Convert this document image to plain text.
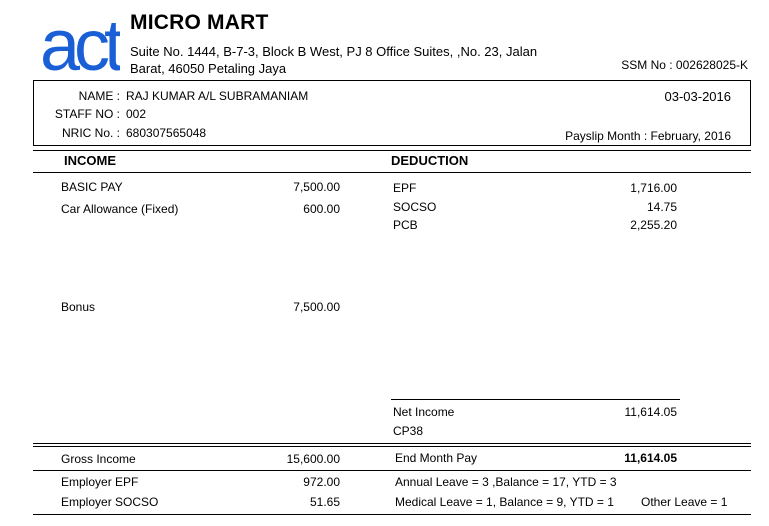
act MICRO MART
Suite No. 1444, B-7-3, Block B West, PJ 8 Office Suites, ,No. 23, Jalan
Barat, 46050 Petaling Jaya	SSM No : 002628025-K
NAME : RAJ KUMAR A/L SUBRAMANIAM
STAFF NO : 002
NRIC No. : 680307565048
03-03-2016
Payslip Month : February, 2016
INCOME	DEDUCTION
BASIC PAY	7,500.00
Car Allowance (Fixed)	600.00
Bonus	7,500.00
EPF	1,716.00
SOCSO	14.75
PCB	2,255.20
Net Income	11,614.05
CP38
Gross Income	15,600.00	End Month Pay	11,614.05
Employer EPF	972.00
Employer SOCSO	51.65
Annual Leave = 3 ,Balance = 17, YTD = 3
Medical Leave = 1, Balance = 9, YTD = 1 Other Leave = 1
